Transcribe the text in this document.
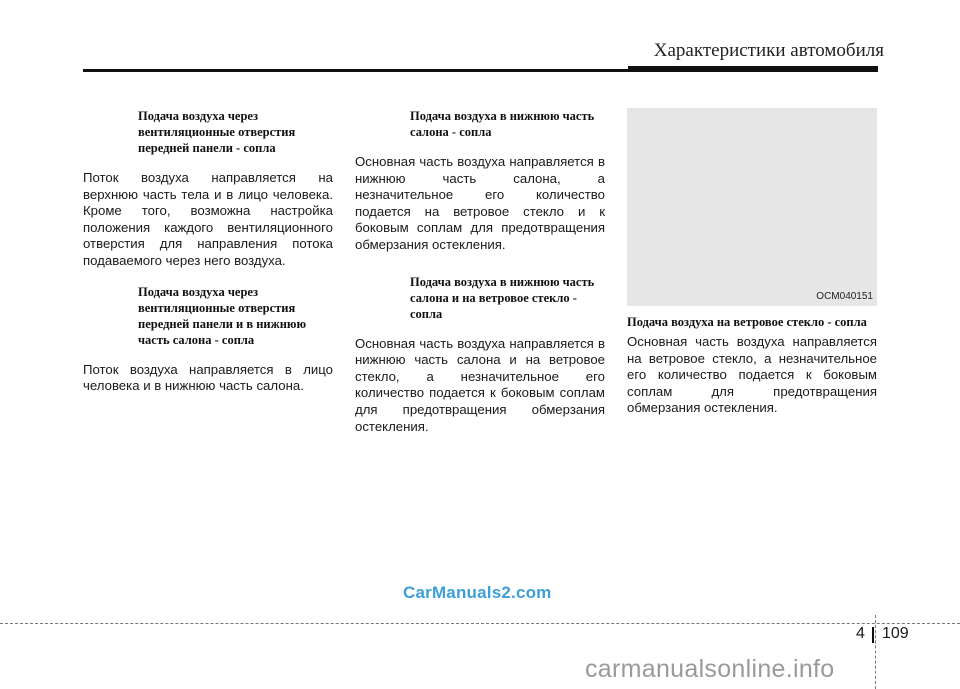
Характеристики автомобиля

Подача воздуха через вентиляционные отверстия передней панели - сопла

Поток воздуха направляется на верхнюю часть тела и в лицо человека. Кроме того, возможна настройка положения каждого вентиляционного отверстия для направления потока подаваемого через него воздуха.

Подача воздуха через вентиляционные отверстия передней панели и в нижнюю часть салона - сопла

Поток воздуха направляется в лицо человека и в нижнюю часть салона.

Подача воздуха в нижнюю часть салона - сопла

Основная часть воздуха направляется в нижнюю часть салона, а незначительное его количество подается на ветровое стекло и к боковым соплам для предотвращения обмерзания остекления.

Подача воздуха в нижнюю часть салона и на ветровое стекло - сопла

Основная часть воздуха направляется в нижнюю часть салона и на ветровое стекло, а незначительное его количество подается к боковым соплам для предотвращения обмерзания остекления.

OCM040151

Подача воздуха на ветровое стекло - сопла

Основная часть воздуха направляется на ветровое стекло, а незначительное его количество подается к боковым соплам для предотвращения обмерзания остекления.

CarManuals2.com
4 109
carmanualsonline.info
